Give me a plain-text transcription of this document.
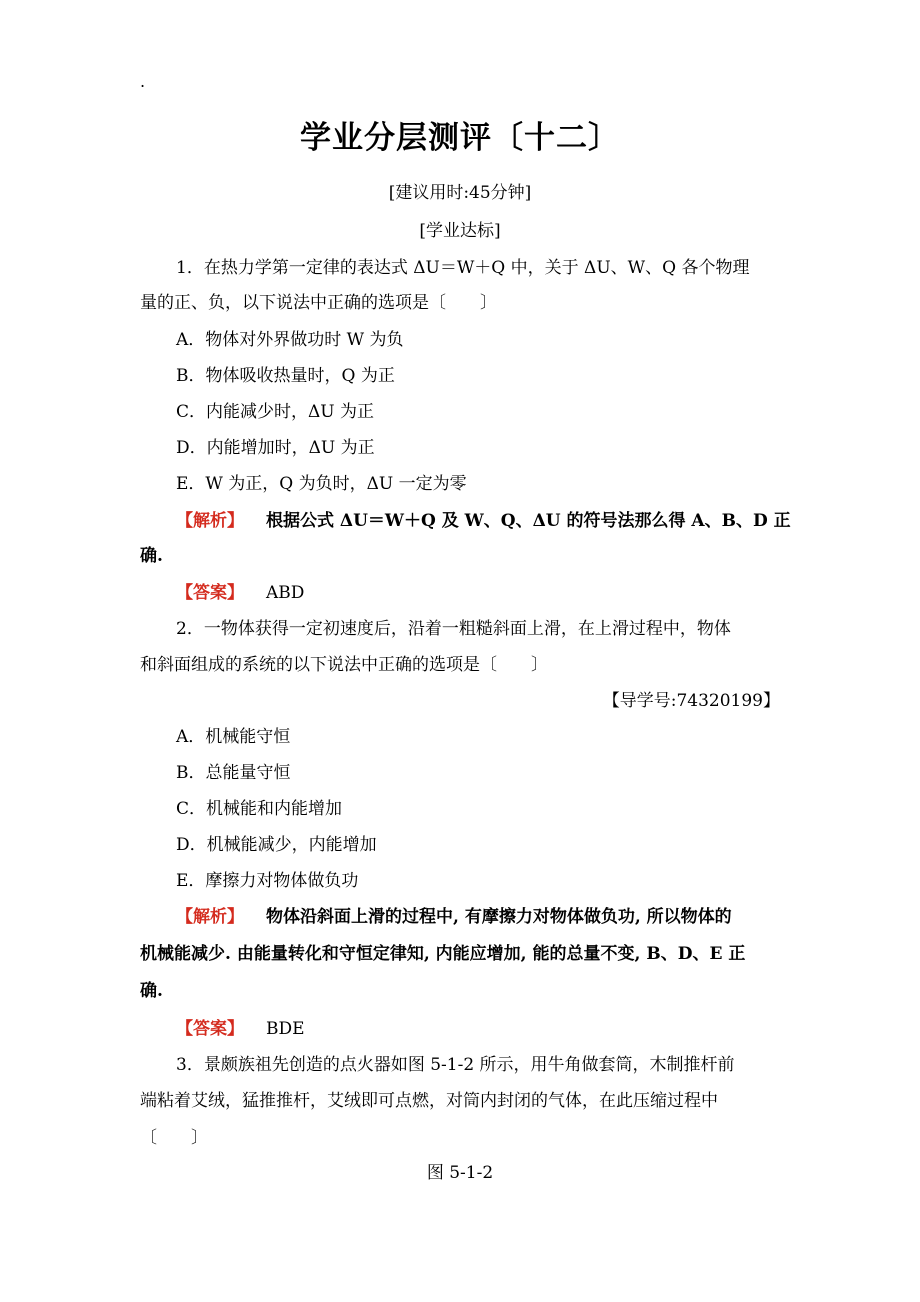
.
学业分层测评〔十二〕
[建议用时:45分钟]
[学业达标]
1．在热力学第一定律的表达式 ΔU＝W＋Q 中，关于 ΔU、W、Q 各个物理
量的正、负，以下说法中正确的选项是〔　　〕
A．物体对外界做功时 W 为负
B．物体吸收热量时，Q 为正
C．内能减少时，ΔU 为正
D．内能增加时，ΔU 为正
E．W 为正，Q 为负时，ΔU 一定为零
【解析】 根据公式 ΔU＝W＋Q 及 W、Q、ΔU 的符号法那么得 A、B、D 正
确.
【答案】 ABD
2．一物体获得一定初速度后，沿着一粗糙斜面上滑，在上滑过程中，物体
和斜面组成的系统的以下说法中正确的选项是〔　　〕
【导学号:74320199】
A．机械能守恒
B．总能量守恒
C．机械能和内能增加
D．机械能减少，内能增加
E．摩擦力对物体做负功
【解析】 物体沿斜面上滑的过程中, 有摩擦力对物体做负功, 所以物体的
机械能减少. 由能量转化和守恒定律知, 内能应增加, 能的总量不变, B、D、E 正
确.
【答案】 BDE
3．景颇族祖先创造的点火器如图 5-1-2 所示，用牛角做套筒，木制推杆前
端粘着艾绒，猛推推杆，艾绒即可点燃，对筒内封闭的气体，在此压缩过程中
〔　　〕
图 5-1-2
